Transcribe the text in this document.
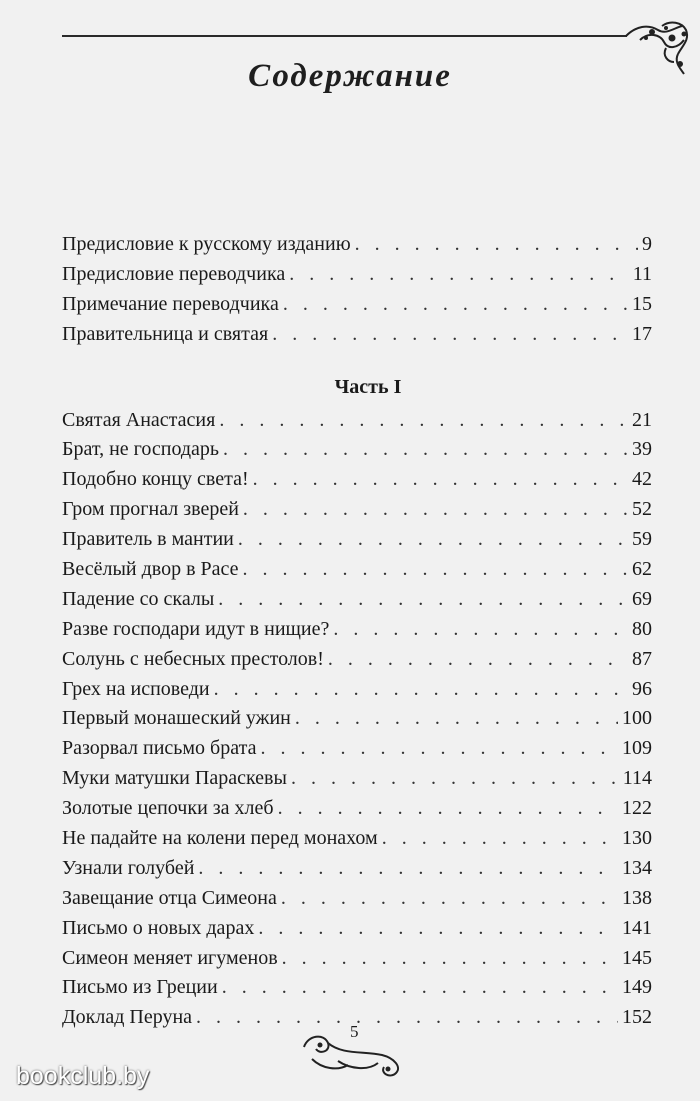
Содержание
Предисловие к русскому изданию . . .	9
Предисловие переводчика . . .	11
Примечание переводчика . . .	15
Правительница и святая . . .	17
Часть I
Святая Анастасия . . .	21
Брат, не господарь . . .	39
Подобно концу света! . . .	42
Гром прогнал зверей . . .	52
Правитель в мантии . . .	59
Весёлый двор в Расе . . .	62
Падение со скалы . . .	69
Разве господари идут в нищие? . . .	80
Солунь с небесных престолов! . . .	87
Грех на исповеди . . .	96
Первый монашеский ужин . . .	100
Разорвал письмо брата . . .	109
Муки матушки Параскевы . . .	114
Золотые цепочки за хлеб . . .	122
Не падайте на колени перед монахом . . .	130
Узнали голубей . . .	134
Завещание отца Симеона . . .	138
Письмо о новых дарах . . .	141
Симеон меняет игуменов . . .	145
Письмо из Греции . . .	149
Доклад Перуна . . .	152
5
bookclub.by
